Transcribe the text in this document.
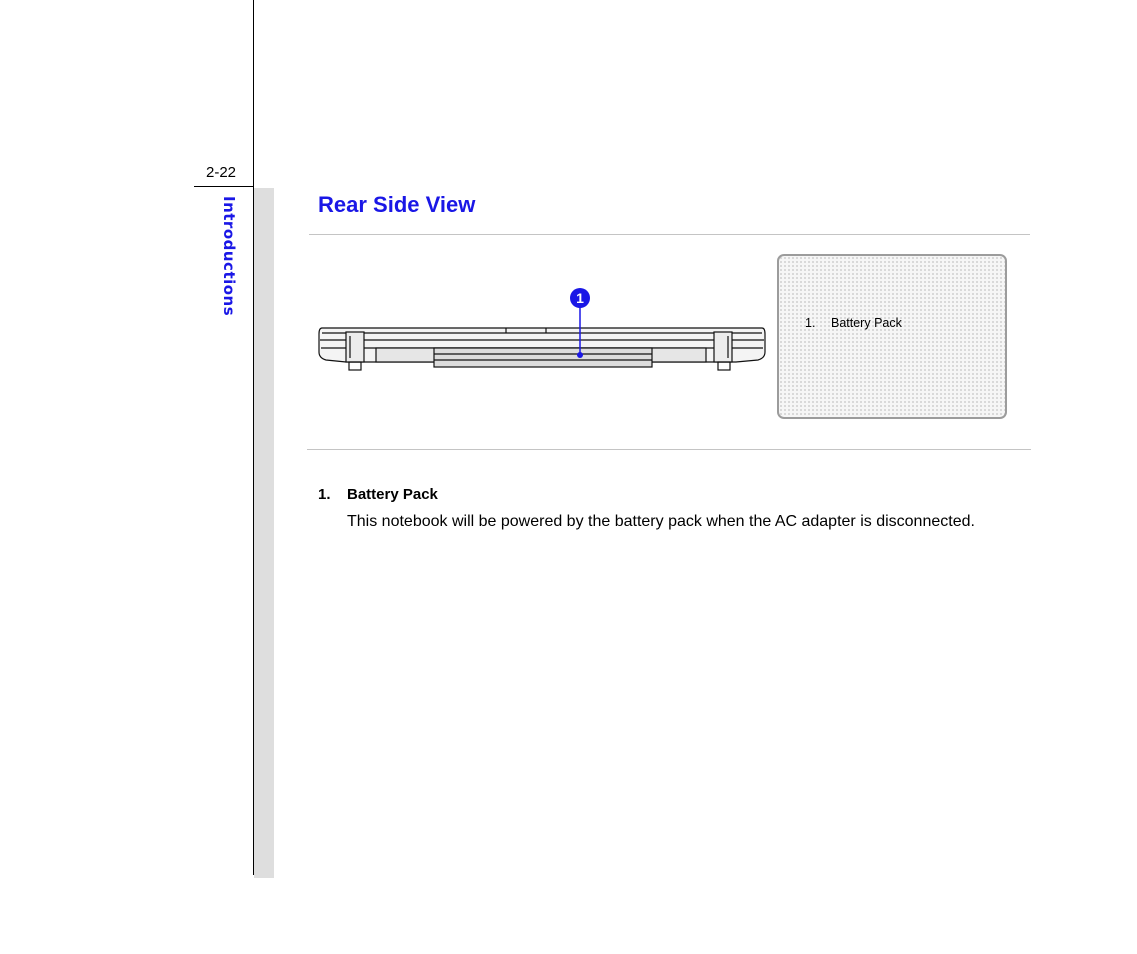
2-22
Introductions	Rear Side View
1
1.	Battery Pack
1.	Battery Pack
This notebook will be powered by the battery pack when the AC adapter is disconnected.
